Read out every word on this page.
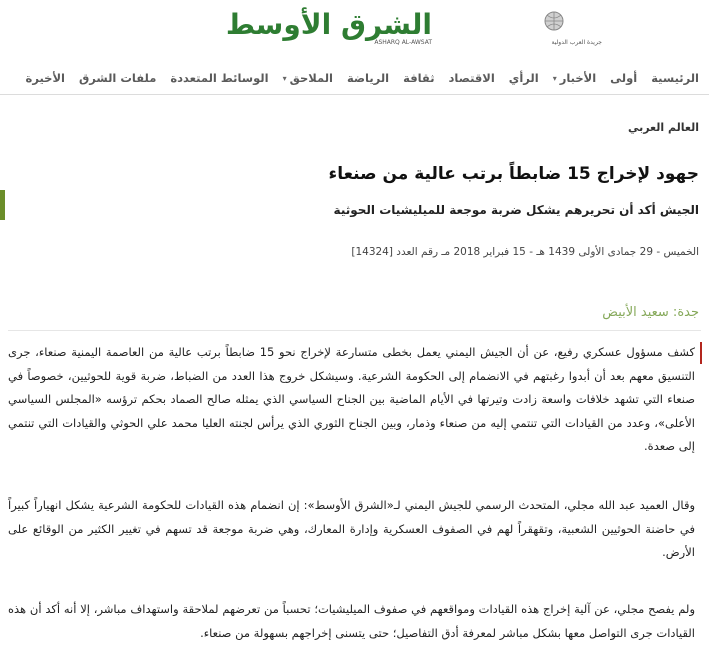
الشرق الأوسط
ASHARQ AL-AWSAT	جريدة العرب الدولية
الرئيسية
أولى
الأخبار
▾
الرأي
الاقتصاد
ثقافة
الرياضة
الملاحق
▾
الوسائط المتعددة
ملفات الشرق
الأخيرة
العالم العربي
جهود لإخراج 15 ضابطاً برتب عالية من صنعاء
الجيش أكد أن تحريرهم يشكل ضربة موجعة للميليشيات الحوثية
الخميس - 29 جمادى الأولى 1439 هـ - 15 فبراير 2018 مـ رقم العدد [14324]
جدة: سعيد الأبيض

كشف مسؤول عسكري رفيع، عن أن الجيش اليمني يعمل بخطى متسارعة لإخراج نحو 15 ضابطاً برتب عالية من العاصمة اليمنية صنعاء، جرى التنسيق معهم بعد أن أبدوا رغبتهم في الانضمام إلى الحكومة الشرعية. وسيشكل خروج هذا العدد من الضباط، ضربة قوية للحوثيين، خصوصاً في صنعاء التي تشهد خلافات واسعة زادت وتيرتها في الأيام الماضية بين الجناح السياسي الذي يمثله صالح الصماد بحكم ترؤسه «المجلس السياسي الأعلى»، وعدد من القيادات التي تنتمي إليه من صنعاء وذمار، وبين الجناح الثوري الذي يرأس لجنته العليا محمد علي الحوثي والقيادات التي تنتمي إلى صعدة.

وقال العميد عبد الله مجلي، المتحدث الرسمي للجيش اليمني لـ«الشرق الأوسط»: إن انضمام هذه القيادات للحكومة الشرعية يشكل انهياراً كبيراً في حاضنة الحوثيين الشعبية، وتقهقراً لهم في الصفوف العسكرية وإدارة المعارك، وهي ضربة موجعة قد تسهم في تغيير الكثير من الوقائع على الأرض.

ولم يفصح مجلي، عن آلية إخراج هذه القيادات ومواقعهم في صفوف الميليشيات؛ تحسباً من تعرضهم لملاحقة واستهداف مباشر، إلا أنه أكد أن هذه القيادات جرى التواصل معها بشكل مباشر لمعرفة أدق التفاصيل؛ حتى يتسنى إخراجهم بسهولة من صنعاء.
